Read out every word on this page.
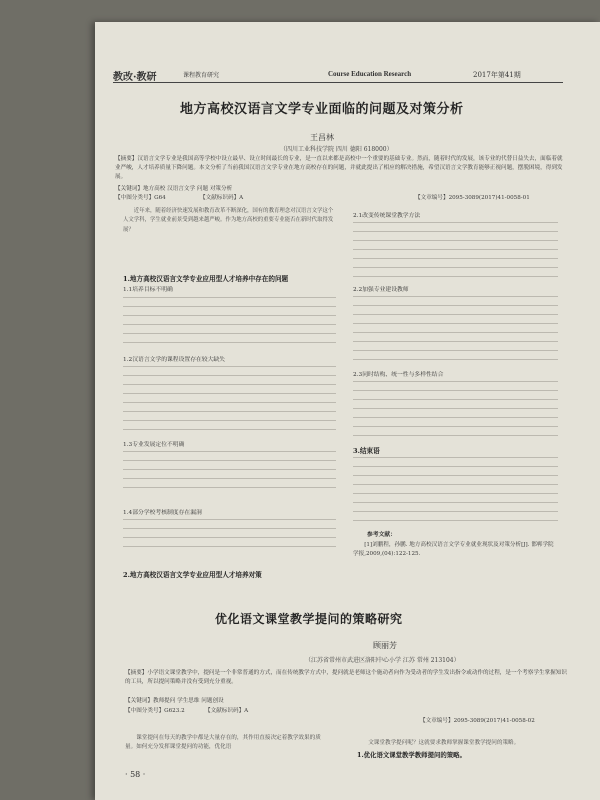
教改·教研	课程教育研究	Course Education Research	2017年第41期
地方高校汉语言文学专业面临的问题及对策分析
王昌林
（四川工业科技学院 四川 德阳 618000）
【摘要】汉语言文学专业是我国高等学校中设立最早、设立时间最长的专业，是一直以来都是高校中一个重要的基础专业。然而，随着时代的发展，该专业的代替日益失去，面临着就业严峻，人才培养质量下降问题。本文分析了当前我国汉语言文学专业在地方高校存在的问题，并就此提出了相应的解决措施，希望汉语言文学教育能够正视问题，摆脱困境，得到发展。
【关键词】地方高校 汉语言文学 问题 对策分析
【中图分类号】G64	【文献标识码】A	【文章编号】2095-3089(2017)41-0058-01
近年来，随着经济快速发展和教育改革不断深化，国有的教育理念对汉语言文学这个人文学科，学生就业前景受到越来越严峻。作为地方高校的重要专业能否在新时代取得发展？
1.地方高校汉语言文学专业应用型人才培养中存在的问题
1.1培养目标不明确
1.2汉语言文学的课程设置存在较大缺失
1.3专业发展定位不明确
1.4部分学校考核制度存在漏洞
2.地方高校汉语言文学专业应用型人才培养对策
2.1改变传统课堂教学方法
2.2加强专业建设教师
2.3同时结构、统一性与多样性结合
3.结束语
参考文献：
[1]刘鹏程，孙鹏. 地方高校汉语言文学专业就业现状及对策分析[J]. 邯郸学院学报,2009,(04):122-125.
优化语文课堂教学提问的策略研究
顾丽芳
（江苏省常州市武进区洛阳中心小学 江苏 常州 213104）
【摘要】小学语文课堂教学中，提问是一个非常普通的方式，而在传统教学方式中，提问就是老师这个施动者向作为受动者的学生发出指令或动作的过程，是一个考察学生掌握知识的工具，所以提问策略并没有受到充分重视。
【关键词】教师提问 学生思维 问题创设
【中图分类号】G623.2	【文献标识码】A
【文章编号】2095-3089(2017)41-0058-02
课堂提问在每天的教学中都是大量存在的，其作用直接决定着教学效果的质量。如何充分发挥课堂提问的功能，优化语
文课堂教学提问呢？这就要求教师掌握课堂教学提问的策略。
1.优化语文课堂教学教师提问的策略。
· 58 ·
